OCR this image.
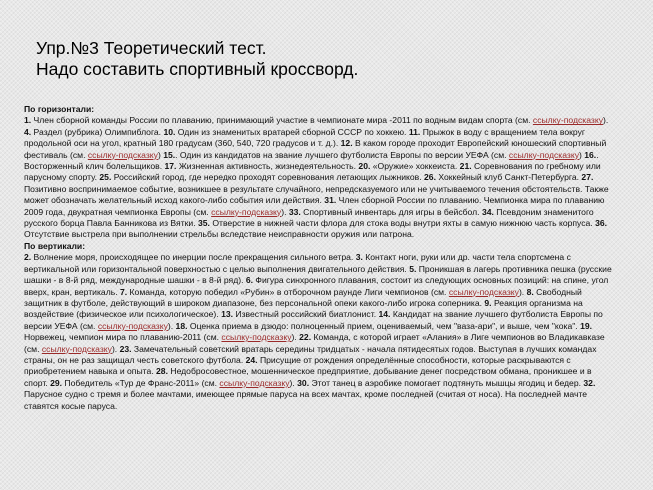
Упр.№3 Теоретический тест.
Надо составить спортивный кроссворд.
По горизонтали:

1. Член сборной команды России по плаванию, принимающий участие в чемпионате мира -2011 по водным видам спорта (см. ссылку-подсказку). 4. Раздел (рубрика) Олимпиблога. 10. Один из знаменитых вратарей сборной СССР по хоккею. 11. Прыжок в воду с вращением тела вокруг продольной оси на угол, кратный 180 градусам (360, 540, 720 градусов и т. д.). 12. В каком городе проходит Европейский юношеский спортивный фестиваль (см. ссылку-подсказку) 15.. Один из кандидатов на звание лучшего футболиста Европы по версии УЕФА (см. ссылку-подсказку) 16.. Восторженный клич болельщиков. 17. Жизненная активность, жизнедеятельность. 20. «Оружие» хоккеиста. 21. Соревнования по гребному или парусному спорту. 25. Российский город, где нередко проходят соревнования летающих лыжников. 26. Хоккейный клуб Санкт-Петербурга. 27. Позитивно воспринимаемое событие, возникшее в результате случайного, непредсказуемого или не учитываемого течения обстоятельств. Также может обозначать желательный исход какого-либо события или действия. 31. Член сборной России по плаванию. Чемпионка мира по плаванию 2009 года, двукратная чемпионка Европы (см. ссылку-подсказку). 33. Спортивный инвентарь для игры в бейсбол. 34. Псевдоним знаменитого русского борца Павла Банникова из Вятки. 35. Отверстие в нижней части флора для стока воды внутри яхты в самую нижнюю часть корпуса. 36. Отсутствие выстрела при выполнении стрельбы вследствие неисправности оружия или патрона.

По вертикали:

2. Волнение моря, происходящее по инерции после прекращения сильного ветра. 3. Контакт ноги, руки или др. части тела спортсмена с вертикальной или горизонтальной поверхностью с целью выполнения двигательного действия. 5. Проникшая в лагерь противника пешка (русские шашки - в 8-й ряд, международные шашки - в 8-й ряд). 6. Фигура синхронного плавания, состоит из следующих основных позиций: на спине, угол вверх, кран, вертикаль. 7. Команда, которую победил «Рубин» в отборочном раунде Лиги чемпионов (см. ссылку-подсказку). 8. Свободный защитник в футболе, действующий в широком диапазоне, без персональной опеки какого-либо игрока соперника. 9. Реакция организма на воздействие (физическое или психологическое). 13. Известный российский биатлонист. 14. Кандидат на звание лучшего футболиста Европы по версии УЕФА (см. ссылку-подсказку). 18. Оценка приема в дзюдо: полноценный прием, оцениваемый, чем "ваза-ари", и выше, чем "кока". 19. Норвежец, чемпион мира по плаванию-2011 (см. ссылку-подсказку). 22. Команда, с которой играет «Алания» в Лиге чемпионов во Владикавказе (см. ссылку-подсказку). 23. Замечательный советский вратарь середины тридцатых - начала пятидесятых годов. Выступая в лучших командах страны, он не раз защищал честь советского футбола. 24. Присущие от рождения определённые способности, которые раскрываются с приобретением навыка и опыта. 28. Недобросовестное, мошенническое предприятие, добывание денег посредством обмана, проникшее и в спорт. 29. Победитель «Тур де Франс-2011» (см. ссылку-подсказку). 30. Этот танец в аэробике помогает подтянуть мышцы ягодиц и бедер. 32. Парусное судно с тремя и более мачтами, имеющее прямые паруса на всех мачтах, кроме последней (считая от носа). На последней мачте ставятся косые паруса.
